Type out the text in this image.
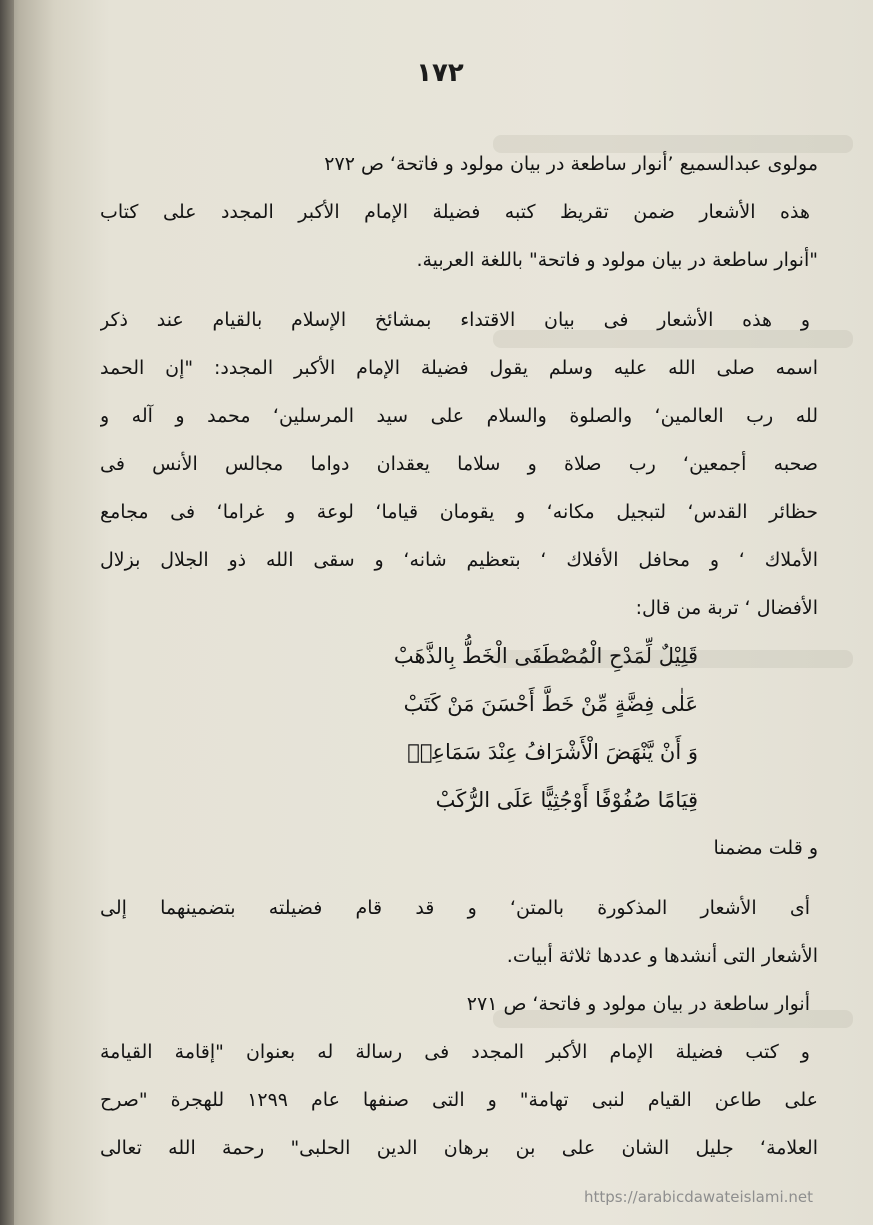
١٧٢
مولوی عبدالسمیع ’أنوار ساطعة در بیان مولود و فاتحة‘ ص ٢٧٢
هذه الأشعار ضمن تقریظ كتبه فضیلة الإمام الأكبر المجدد على كتاب
"أنوار ساطعة در بیان مولود و فاتحة" باللغة العربیة.
و هذه الأشعار فی بیان الاقتداء بمشائخ الإسلام بالقیام عند ذکر
اسمه صلى الله علیه وسلم یقول فضیلة الإمام الأكبر المجدد: "إن الحمد
لله رب العالمین‘ والصلوة والسلام على سید المرسلین‘ محمد و آله و
صحبه أجمعین‘ رب صلاة و سلاما یعقدان دواما مجالس الأنس فی
حظائر القدس‘ لتبجیل مكانه‘ و یقومان قیاما‘ لوعة و غراما‘ فی مجامع
الأملاك ‘ و محافل الأفلاك ‘ بتعظیم شانه‘ و سقى الله ذو الجلال بزلال
الأفضال ‘ تربة من قال:
قَلِيْلٌ لِّمَدْحِ الْمُصْطَفَى الْخَطُّ بِالذَّهَبْ
عَلٰى فِضَّةٍ مِّنْ خَطَّ أَحْسَنَ مَنْ كَتَبْ
وَ أَنْ يَّنْهَضَ الْأَشْرَافُ عِنْدَ سَمَاعِهٖ
قِيَامًا صُفُوْفًا أَوْجُثِيًّا عَلَى الرُّكَبْ
و قلت مضمنا
أی الأشعار المذكورة بالمتن‘ و قد قام فضیلته بتضمینهما إلى
الأشعار التی أنشدها و عددها ثلاثة أبیات.
أنوار ساطعة در بیان مولود و فاتحة‘ ص ٢٧١
و كتب فضیلة الإمام الأكبر المجدد فی رسالة له بعنوان "إقامة القیامة
على طاعن القیام لنبی تهامة" و التی صنفها عام ١٢٩٩ للهجرة "صرح
العلامة‘ جلیل الشان على بن برهان الدین الحلبی" رحمة الله تعالى
https://arabicdawateislami.net
